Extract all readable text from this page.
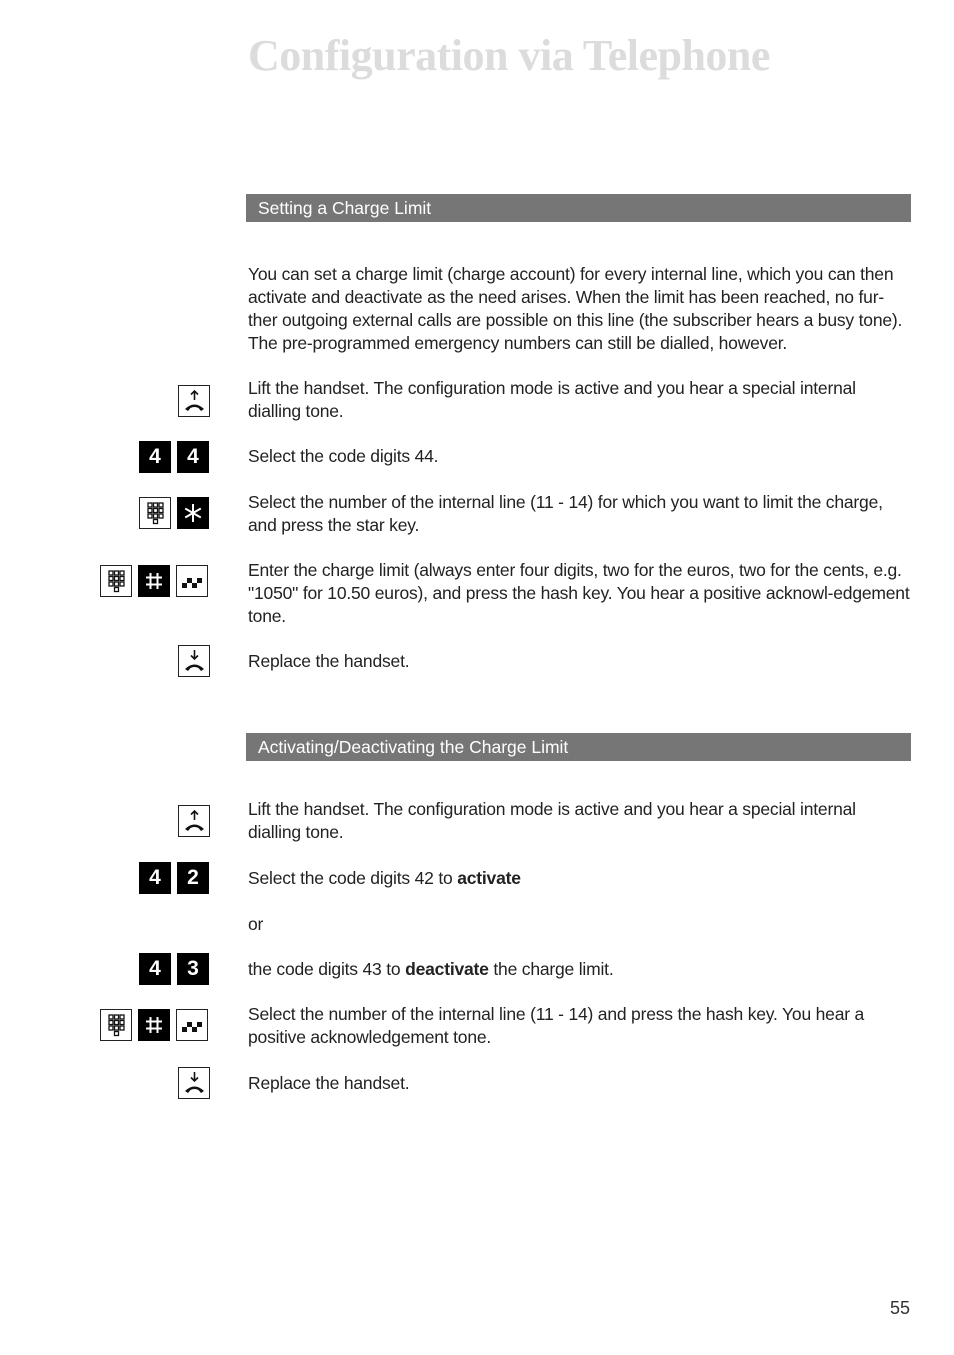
Configuration via Telephone
Setting a Charge Limit
You can set a charge limit (charge account) for every internal line, which you can then activate and deactivate as the need arises. When the limit has been reached, no fur-ther outgoing external calls are possible on this line (the subscriber hears a busy tone). The pre-programmed emergency numbers can still be dialled, however.
Lift the handset. The configuration mode is active and you hear a special internal dialling tone.
4	4	Select the code digits 44.
Select the number of the internal line (11 - 14) for which you want to limit the charge, and press the star key.
Enter the charge limit (always enter four digits, two for the euros, two for the cents, e.g. "1050" for 10.50 euros), and press the hash key. You hear a positive acknowl-edgement tone.
Replace the handset.
Activating/Deactivating the Charge Limit
Lift the handset. The configuration mode is active and you hear a special internal dialling tone.
4	2	Select the code digits 42 to activate
or
4	3	the code digits 43 to deactivate the charge limit.
Select the number of the internal line (11 - 14) and press the hash key. You hear a positive acknowledgement tone.
Replace the handset.
55
